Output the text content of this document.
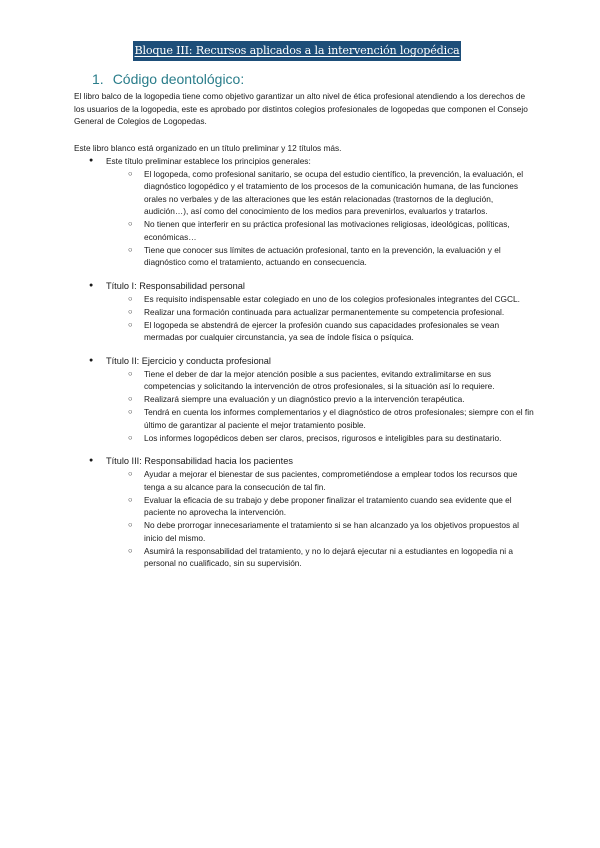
Bloque III: Recursos aplicados a la intervención logopédica
1. Código deontológico:

El libro balco de la logopedia tiene como objetivo garantizar un alto nivel de ética profesional atendiendo a los derechos de los usuarios de la logopedia, este es aprobado por distintos colegios profesionales de logopedas que componen el Consejo General de Colegios de Logopedas.

Este libro blanco está organizado en un título preliminar y 12 títulos más.

● Este título preliminar establece los principios generales:
○ El logopeda, como profesional sanitario, se ocupa del estudio científico, la prevención, la evaluación, el diagnóstico logopédico y el tratamiento de los procesos de la comunicación humana, de las funciones orales no verbales y de las alteraciones que les están relacionadas (trastornos de la deglución, audición…), así como del conocimiento de los medios para prevenirlos, evaluarlos y tratarlos.
○ No tienen que interferir en su práctica profesional las motivaciones religiosas, ideológicas, políticas, económicas…
○ Tiene que conocer sus límites de actuación profesional, tanto en la prevención, la evaluación y el diagnóstico como el tratamiento, actuando en consecuencia.
● Título I: Responsabilidad personal
○ Es requisito indispensable estar colegiado en uno de los colegios profesionales integrantes del CGCL.
○ Realizar una formación continuada para actualizar permanentemente su competencia profesional.
○ El logopeda se abstendrá de ejercer la profesión cuando sus capacidades profesionales se vean mermadas por cualquier circunstancia, ya sea de índole física o psíquica.
● Título II: Ejercicio y conducta profesional
○ Tiene el deber de dar la mejor atención posible a sus pacientes, evitando extralimitarse en sus competencias y solicitando la intervención de otros profesionales, si la situación así lo requiere.
○ Realizará siempre una evaluación y un diagnóstico previo a la intervención terapéutica.
○ Tendrá en cuenta los informes complementarios y el diagnóstico de otros profesionales; siempre con el fin último de garantizar al paciente el mejor tratamiento posible.
○ Los informes logopédicos deben ser claros, precisos, rigurosos e inteligibles para su destinatario.
● Título III: Responsabilidad hacia los pacientes
○ Ayudar a mejorar el bienestar de sus pacientes, comprometiéndose a emplear todos los recursos que tenga a su alcance para la consecución de tal fin.
○ Evaluar la eficacia de su trabajo y debe proponer finalizar el tratamiento cuando sea evidente que el paciente no aprovecha la intervención.
○ No debe prorrogar innecesariamente el tratamiento si se han alcanzado ya los objetivos propuestos al inicio del mismo.
○ Asumirá la responsabilidad del tratamiento, y no lo dejará ejecutar ni a estudiantes en logopedia ni a personal no cualificado, sin su supervisión.
